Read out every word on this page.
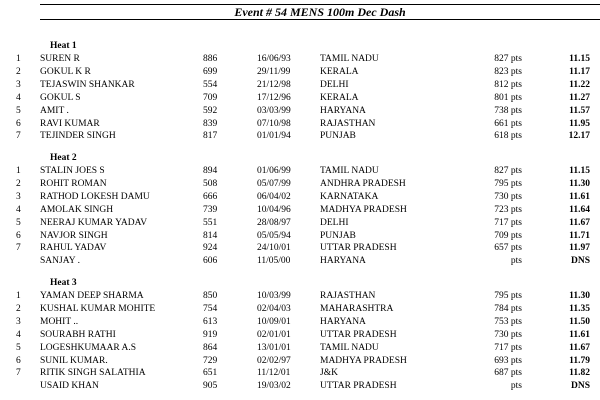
Event # 54 MENS 100m Dec Dash
Heat 1
1 SUREN R	886	16/06/93	TAMIL NADU	827 pts	11.15
2 GOKUL K R	699	29/11/99	KERALA	823 pts	11.17
3 TEJASWIN SHANKAR	554	21/12/98	DELHI	812 pts	11.22
4 GOKUL S	709	17/12/96	KERALA	801 pts	11.27
5 AMIT .	592	03/03/99	HARYANA	738 pts	11.57
6 RAVI KUMAR	839	07/10/98	RAJASTHAN	661 pts	11.95
7 TEJINDER SINGH	817	01/01/94	PUNJAB	618 pts	12.17
Heat 2
1 STALIN JOES S	894	01/06/99	TAMIL NADU	827 pts	11.15
2 ROHIT ROMAN	508	05/07/99	ANDHRA PRADESH	795 pts	11.30
3 RATHOD LOKESH DAMU	666	06/04/02	KARNATAKA	730 pts	11.61
4 AMOLAK SINGH	739	10/04/96	MADHYA PRADESH	723 pts	11.64
5 NEERAJ KUMAR YADAV	551	28/08/97	DELHI	717 pts	11.67
6 NAVJOR SINGH	814	05/05/94	PUNJAB	709 pts	11.71
7 RAHUL YADAV	924	24/10/01	UTTAR PRADESH	657 pts	11.97
SANJAY .	606	11/05/00	HARYANA	pts	DNS
Heat 3
1 YAMAN DEEP SHARMA	850	10/03/99	RAJASTHAN	795 pts	11.30
2 KUSHAL KUMAR MOHITE	754	02/04/03	MAHARASHTRA	784 pts	11.35
3 MOHIT ..	613	10/09/01	HARYANA	753 pts	11.50
4 SOURABH RATHI	919	02/01/01	UTTAR PRADESH	730 pts	11.61
5 LOGESHKUMAAR A.S	864	13/01/01	TAMIL NADU	717 pts	11.67
6 SUNIL KUMAR.	729	02/02/97	MADHYA PRADESH	693 pts	11.79
7 RITIK SINGH SALATHIA	651	11/12/01	J&K	687 pts	11.82
USAID KHAN	905	19/03/02	UTTAR PRADESH	pts	DNS
